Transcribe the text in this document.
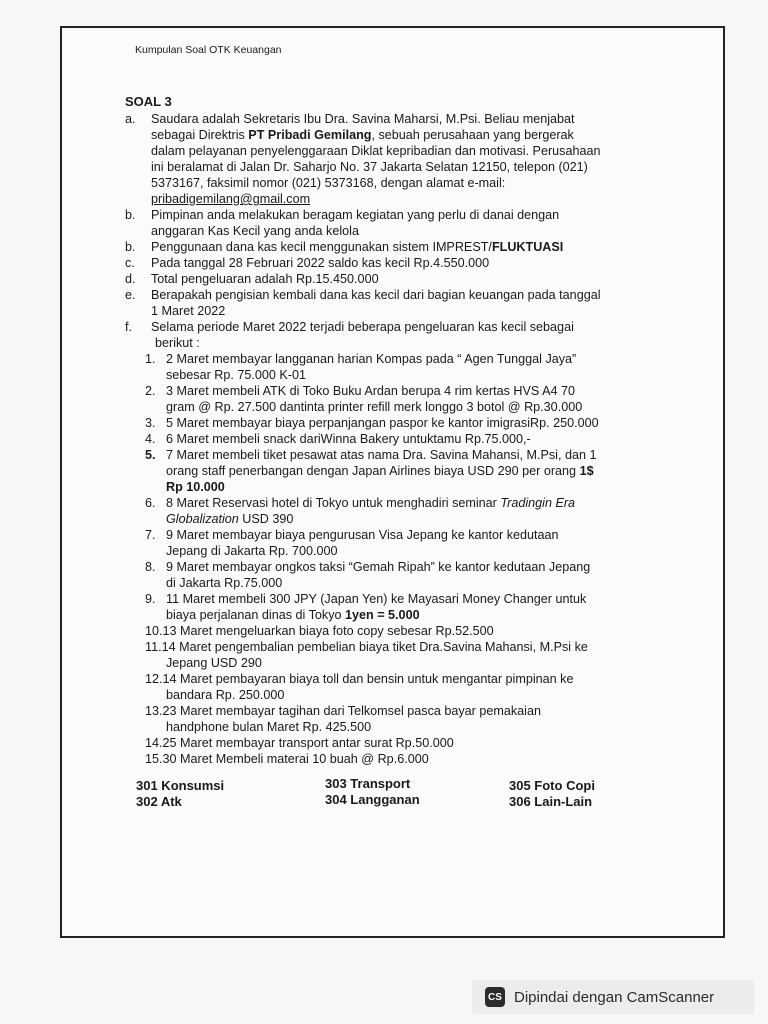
Kumpulan Soal OTK Keuangan
SOAL 3
a. Saudara adalah Sekretaris Ibu Dra. Savina Maharsi, M.Psi. Beliau menjabat
sebagai Direktris PT Pribadi Gemilang, sebuah perusahaan yang bergerak
dalam pelayanan penyelenggaraan Diklat kepribadian dan motivasi. Perusahaan
ini beralamat di Jalan Dr. Saharjo No. 37 Jakarta Selatan 12150, telepon (021)
5373167, faksimil nomor (021) 5373168, dengan alamat e-mail:
pribadigemilang@gmail.com
b. Pimpinan anda melakukan beragam kegiatan yang perlu di danai dengan
anggaran Kas Kecil yang anda kelola
b. Penggunaan dana kas kecil menggunakan sistem IMPREST/FLUKTUASI
c. Pada tanggal 28 Februari 2022 saldo kas kecil Rp.4.550.000
d. Total pengeluaran adalah Rp.15.450.000
e. Berapakah pengisian kembali dana kas kecil dari bagian keuangan pada tanggal
1 Maret 2022
f. Selama periode Maret 2022 terjadi beberapa pengeluaran kas kecil sebagai
berikut :
1. 2 Maret membayar langganan harian Kompas pada “ Agen Tunggal Jaya”
sebesar Rp. 75.000 K-01
2. 3 Maret membeli ATK di Toko Buku Ardan berupa 4 rim kertas HVS A4 70
gram @ Rp. 27.500 dantinta printer refill merk longgo 3 botol @ Rp.30.000
3. 5 Maret membayar biaya perpanjangan paspor ke kantor imigrasiRp. 250.000
4. 6 Maret membeli snack dariWinna Bakery untuktamu Rp.75.000,-
5. 7 Maret membeli tiket pesawat atas nama Dra. Savina Mahansi, M.Psi, dan 1
orang staff penerbangan dengan Japan Airlines biaya USD 290 per orang 1$
Rp 10.000
6. 8 Maret Reservasi hotel di Tokyo untuk menghadiri seminar Tradingin Era
Globalization USD 390
7. 9 Maret membayar biaya pengurusan Visa Jepang ke kantor kedutaan
Jepang di Jakarta Rp. 700.000
8. 9 Maret membayar ongkos taksi “Gemah Ripah” ke kantor kedutaan Jepang
di Jakarta Rp.75.000
9. 11 Maret membeli 300 JPY (Japan Yen) ke Mayasari Money Changer untuk
biaya perjalanan dinas di Tokyo 1yen = 5.000
10.13 Maret mengeluarkan biaya foto copy sebesar Rp.52.500
11.14 Maret pengembalian pembelian biaya tiket Dra.Savina Mahansi, M.Psi ke
Jepang USD 290
12.14 Maret pembayaran biaya toll dan bensin untuk mengantar pimpinan ke
bandara Rp. 250.000
13.23 Maret membayar tagihan dari Telkomsel pasca bayar pemakaian
handphone bulan Maret Rp. 425.500
14.25 Maret membayar transport antar surat Rp.50.000
15.30 Maret Membeli materai 10 buah @ Rp.6.000
301 Konsumsi
302 Atk
303 Transport
304 Langganan
305 Foto Copi
306 Lain-Lain
CS Dipindai dengan CamScanner
